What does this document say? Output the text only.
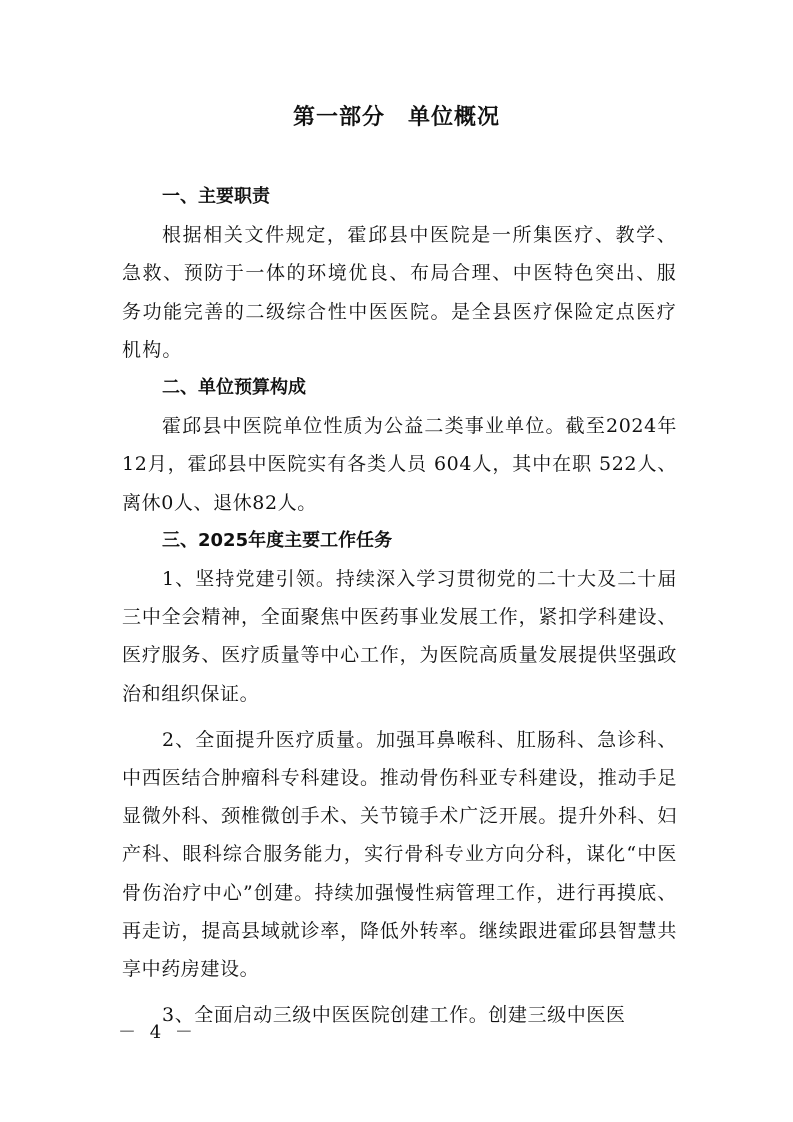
第一部分　单位概况

一、主要职责

根据相关文件规定，霍邱县中医院是一所集医疗、教学、急救、预防于一体的环境优良、布局合理、中医特色突出、服务功能完善的二级综合性中医医院。是全县医疗保险定点医疗机构。

二、单位预算构成

霍邱县中医院单位性质为公益二类事业单位。截至2024年12月，霍邱县中医院实有各类人员 604人，其中在职 522人、离休0人、退休82人。

三、2025年度主要工作任务

1、坚持党建引领。持续深入学习贯彻党的二十大及二十届三中全会精神，全面聚焦中医药事业发展工作，紧扣学科建设、医疗服务、医疗质量等中心工作，为医院高质量发展提供坚强政治和组织保证。

2、全面提升医疗质量。加强耳鼻喉科、肛肠科、急诊科、中西医结合肿瘤科专科建设。推动骨伤科亚专科建设，推动手足显微外科、颈椎微创手术、关节镜手术广泛开展。提升外科、妇产科、眼科综合服务能力，实行骨科专业方向分科，谋化“中医骨伤治疗中心”创建。持续加强慢性病管理工作，进行再摸底、再走访，提高县域就诊率，降低外转率。继续跟进霍邱县智慧共享中药房建设。

3、全面启动三级中医医院创建工作。创建三级中医医

－ 4 －
